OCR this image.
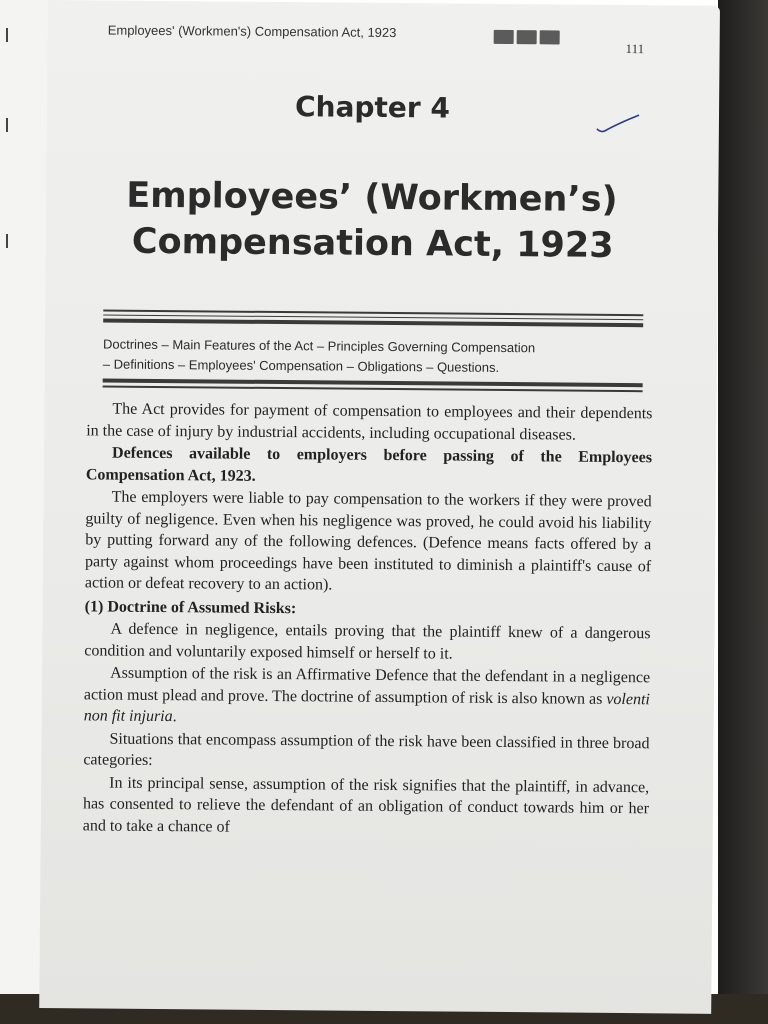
Employees' (Workmen's) Compensation Act, 1923
111
Chapter 4
Employees’ (Workmen’s)
Compensation Act, 1923
Doctrines – Main Features of the Act – Principles Governing Compensation
– Definitions – Employees' Compensation – Obligations – Questions.

The Act provides for payment of compensation to employees and their dependents in the case of injury by industrial accidents, including occupational diseases.

Defences available to employers before passing of the Employees Compensation Act, 1923.

The employers were liable to pay compensation to the workers if they were proved guilty of negligence. Even when his negligence was proved, he could avoid his liability by putting forward any of the following defences. (Defence means facts offered by a party against whom proceedings have been instituted to diminish a plaintiff's cause of action or defeat recovery to an action).

(1) Doctrine of Assumed Risks:

A defence in negligence, entails proving that the plaintiff knew of a dangerous condition and voluntarily exposed himself or herself to it.

Assumption of the risk is an Affirmative Defence that the defendant in a negligence action must plead and prove. The doctrine of assumption of risk is also known as volenti non fit injuria.

Situations that encompass assumption of the risk have been classified in three broad categories:

In its principal sense, assumption of the risk signifies that the plaintiff, in advance, has consented to relieve the defendant of an obligation of conduct towards him or her and to take a chance of
